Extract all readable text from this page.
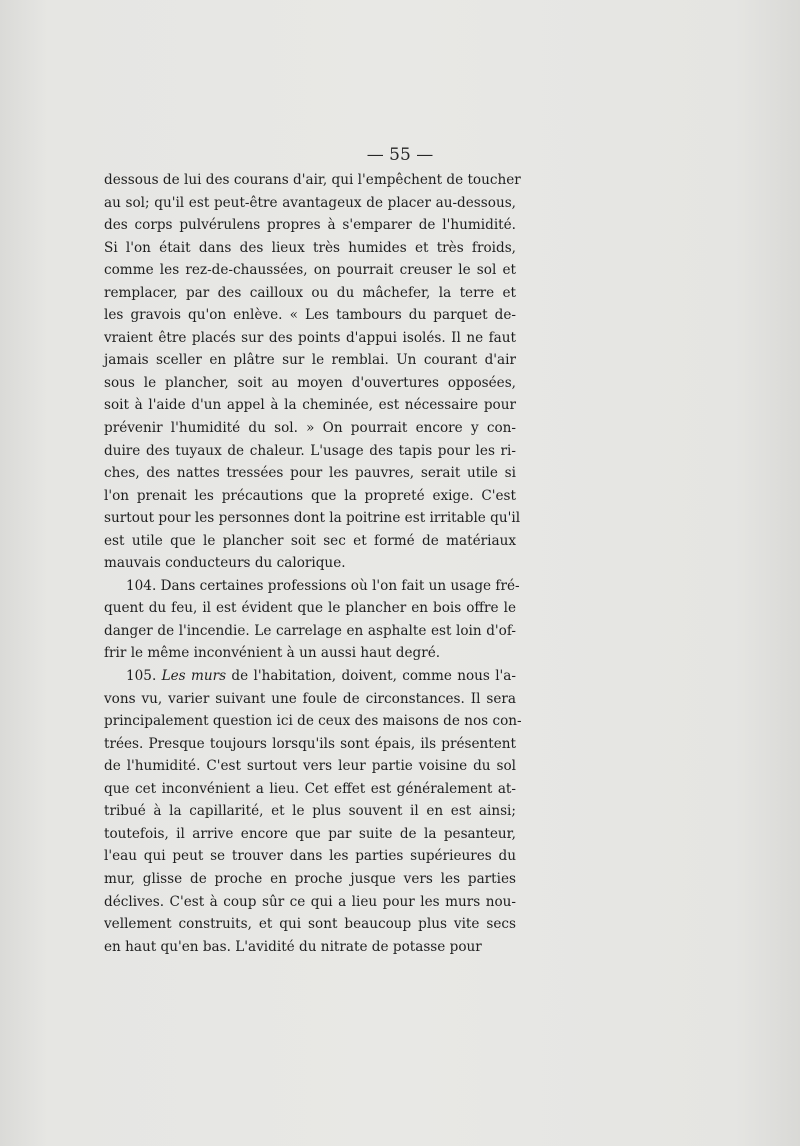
— 55 —
dessous de lui des courans d'air, qui l'empêchent de toucher
au sol; qu'il est peut-être avantageux de placer au-dessous,
des corps pulvérulens propres à s'emparer de l'humidité.
Si l'on était dans des lieux très humides et très froids,
comme les rez-de-chaussées, on pourrait creuser le sol et
remplacer, par des cailloux ou du mâchefer, la terre et
les gravois qu'on enlève. « Les tambours du parquet de-
vraient être placés sur des points d'appui isolés. Il ne faut
jamais sceller en plâtre sur le remblai. Un courant d'air
sous le plancher, soit au moyen d'ouvertures opposées,
soit à l'aide d'un appel à la cheminée, est nécessaire pour
prévenir l'humidité du sol. » On pourrait encore y con-
duire des tuyaux de chaleur. L'usage des tapis pour les ri-
ches, des nattes tressées pour les pauvres, serait utile si
l'on prenait les précautions que la propreté exige. C'est
surtout pour les personnes dont la poitrine est irritable qu'il
est utile que le plancher soit sec et formé de matériaux
mauvais conducteurs du calorique.
104. Dans certaines professions où l'on fait un usage fré-
quent du feu, il est évident que le plancher en bois offre le
danger de l'incendie. Le carrelage en asphalte est loin d'of-
frir le même inconvénient à un aussi haut degré.
105. Les murs de l'habitation, doivent, comme nous l'a-
vons vu, varier suivant une foule de circonstances. Il sera
principalement question ici de ceux des maisons de nos con-
trées. Presque toujours lorsqu'ils sont épais, ils présentent
de l'humidité. C'est surtout vers leur partie voisine du sol
que cet inconvénient a lieu. Cet effet est généralement at-
tribué à la capillarité, et le plus souvent il en est ainsi;
toutefois, il arrive encore que par suite de la pesanteur,
l'eau qui peut se trouver dans les parties supérieures du
mur, glisse de proche en proche jusque vers les parties
déclives. C'est à coup sûr ce qui a lieu pour les murs nou-
vellement construits, et qui sont beaucoup plus vite secs
en haut qu'en bas. L'avidité du nitrate de potasse pour
